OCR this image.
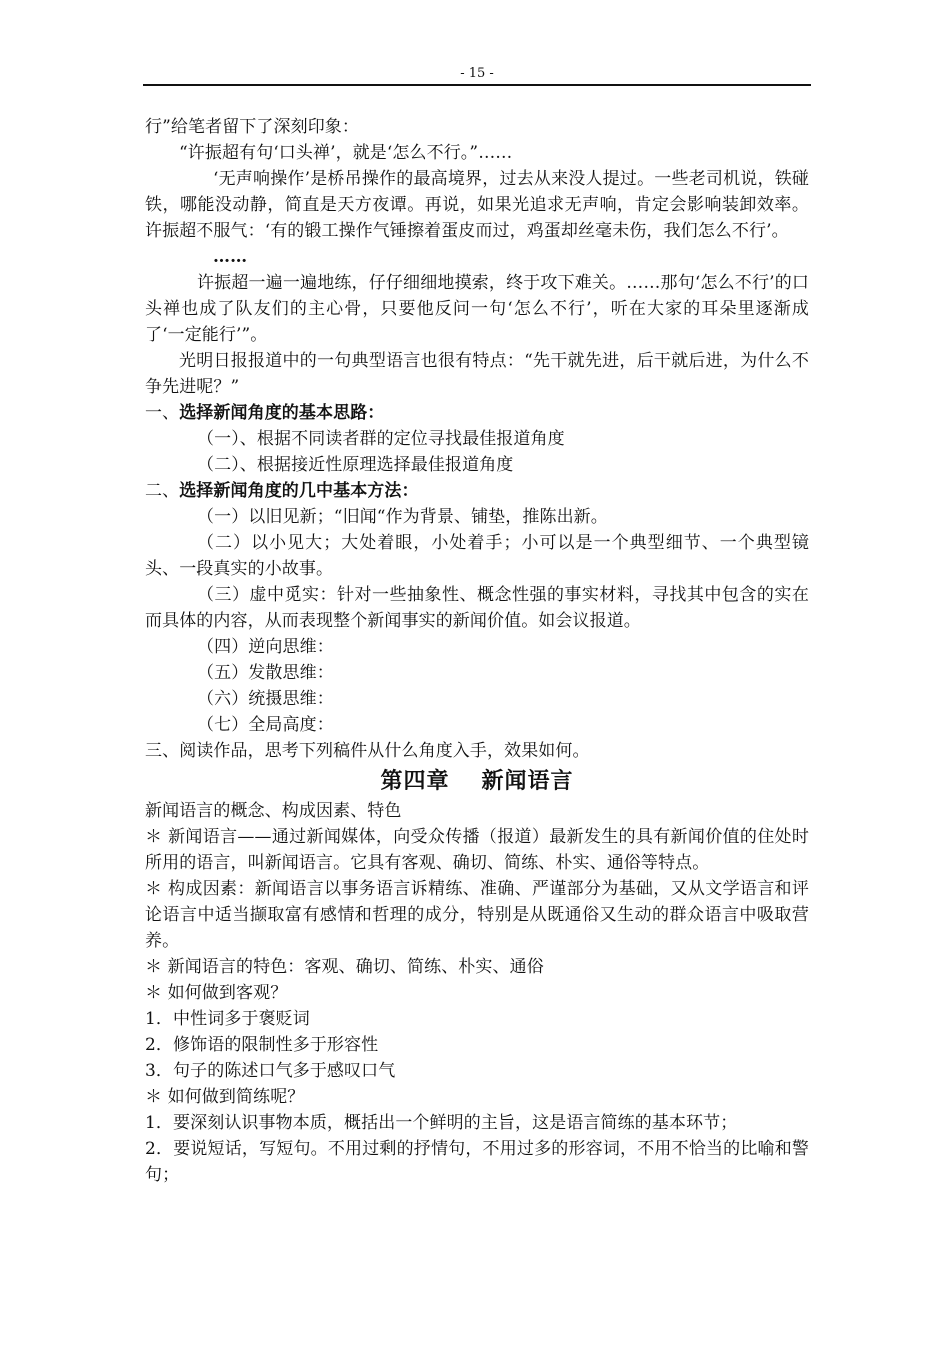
- 15 -

行”给笔者留下了深刻印象：

“许振超有句‘口头禅’，就是‘怎么不行。”……

‘无声响操作’是桥吊操作的最高境界，过去从来没人提过。一些老司机说，铁碰铁，哪能没动静，简直是天方夜谭。再说，如果光追求无声响，肯定会影响装卸效率。许振超不服气：‘有的锻工操作气锤擦着蛋皮而过，鸡蛋却丝毫未伤，我们怎么不行’。

……

许振超一遍一遍地练，仔仔细细地摸索，终于攻下难关。……那句‘怎么不行’的口头禅也成了队友们的主心骨，只要他反问一句‘怎么不行’，听在大家的耳朵里逐渐成了‘一定能行’”。

光明日报报道中的一句典型语言也很有特点：“先干就先进，后干就后进，为什么不争先进呢？”

一、选择新闻角度的基本思路：

（一）、根据不同读者群的定位寻找最佳报道角度

（二）、根据接近性原理选择最佳报道角度

二、选择新闻角度的几中基本方法：

（一）以旧见新；“旧闻“作为背景、铺垫，推陈出新。

（二）以小见大；大处着眼，小处着手；小可以是一个典型细节、一个典型镜头、一段真实的小故事。

（三）虚中觅实：针对一些抽象性、概念性强的事实材料，寻找其中包含的实在而具体的内容，从而表现整个新闻事实的新闻价值。如会议报道。

（四）逆向思维：

（五）发散思维：

（六）统摄思维：

（七）全局高度：

三、阅读作品，思考下列稿件从什么角度入手，效果如何。

第四章 新闻语言

新闻语言的概念、构成因素、特色

＊ 新闻语言——通过新闻媒体，向受众传播（报道）最新发生的具有新闻价值的住处时所用的语言，叫新闻语言。它具有客观、确切、简练、朴实、通俗等特点。

＊ 构成因素：新闻语言以事务语言诉精练、准确、严谨部分为基础，又从文学语言和评论语言中适当撷取富有感情和哲理的成分，特别是从既通俗又生动的群众语言中吸取营养。

＊ 新闻语言的特色：客观、确切、简练、朴实、通俗

＊ 如何做到客观？

1．中性词多于褒贬词

2．修饰语的限制性多于形容性

3．句子的陈述口气多于感叹口气

＊ 如何做到简练呢？

1．要深刻认识事物本质，概括出一个鲜明的主旨，这是语言简练的基本环节；

2．要说短话，写短句。不用过剩的抒情句，不用过多的形容词，不用不恰当的比喻和警句；
